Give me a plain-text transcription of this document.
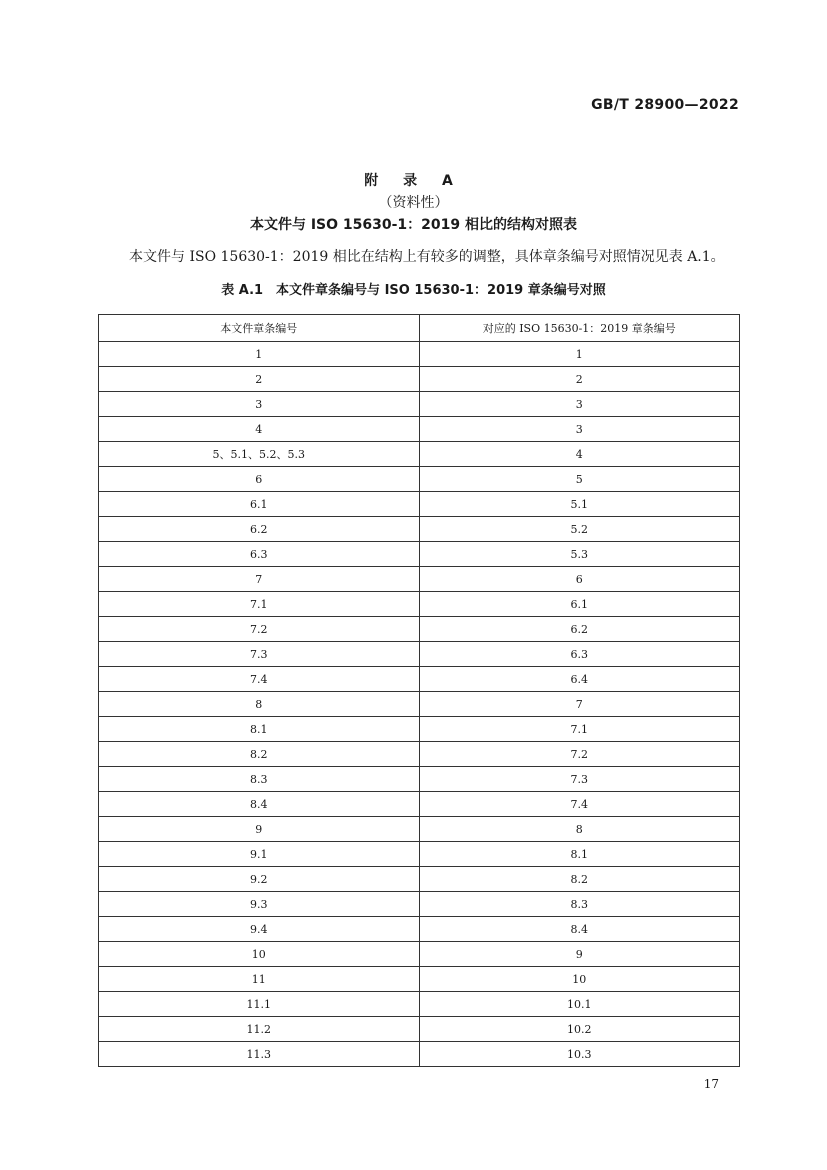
GB/T 28900—2022
附 录 A
（资料性）
本文件与 ISO 15630-1：2019 相比的结构对照表
本文件与 ISO 15630-1：2019 相比在结构上有较多的调整，具体章条编号对照情况见表 A.1。
表 A.1　本文件章条编号与 ISO 15630-1：2019 章条编号对照
本文件章条编号	对应的 ISO 15630-1：2019 章条编号
1	1
2	2
3	3
4	3
5、5.1、5.2、5.3	4
6	5
6.1	5.1
6.2	5.2
6.3	5.3
7	6
7.1	6.1
7.2	6.2
7.3	6.3
7.4	6.4
8	7
8.1	7.1
8.2	7.2
8.3	7.3
8.4	7.4
9	8
9.1	8.1
9.2	8.2
9.3	8.3
9.4	8.4
10	9
11	10
11.1	10.1
11.2	10.2
11.3	10.3
17
